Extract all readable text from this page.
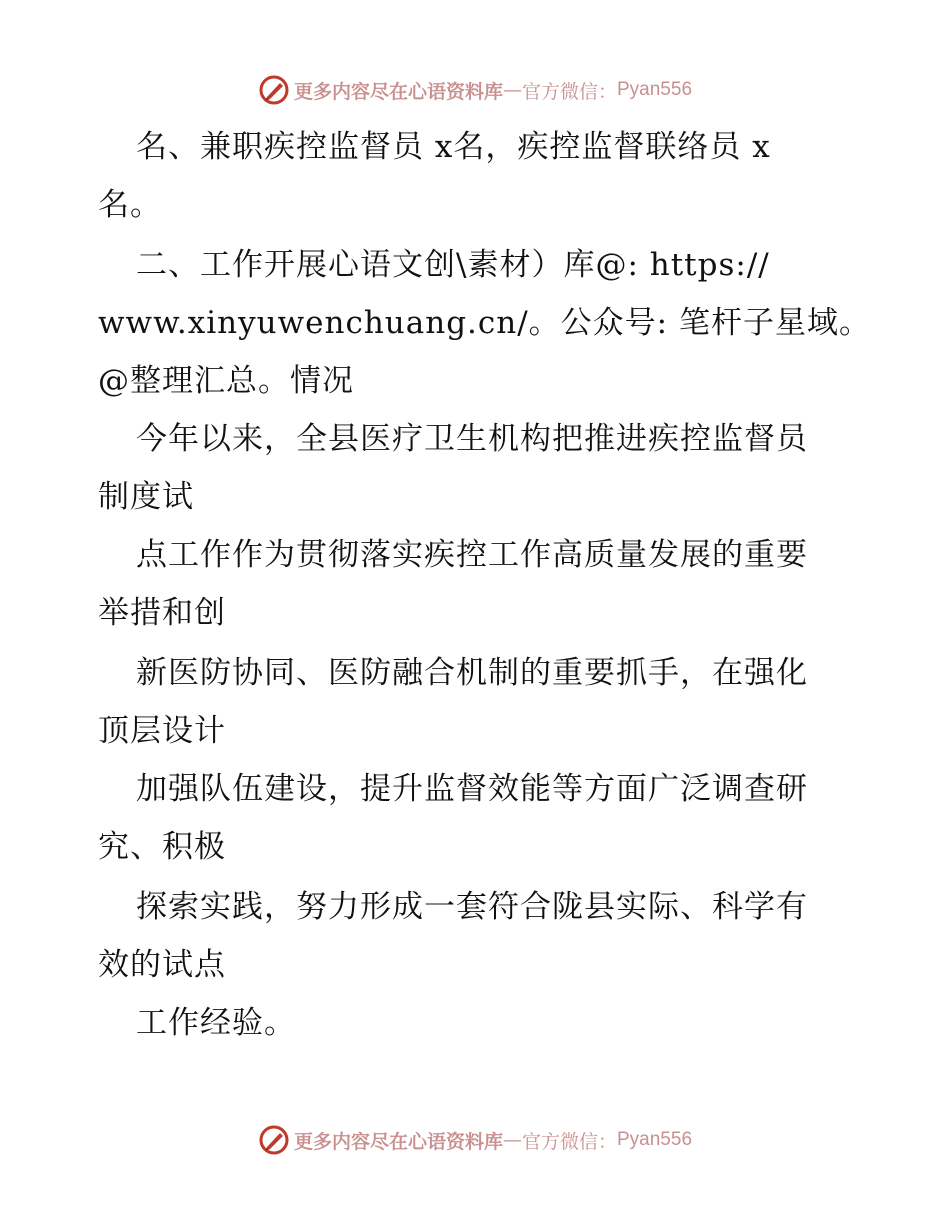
更多内容尽在心语资料库 — 官方微信： Pyan556
名、兼职疾控监督员 x名，疾控监督联络员 x
名。
二、工作开展心语文创\素材）库@: https://
www.xinyuwenchuang.cn/。公众号: 笔杆子星域。
@整理汇总。情况
今年以来，全县医疗卫生机构把推进疾控监督员
制度试
点工作作为贯彻落实疾控工作高质量发展的重要
举措和创
新医防协同、医防融合机制的重要抓手，在强化
顶层设计
加强队伍建设，提升监督效能等方面广泛调查研
究、积极
探索实践，努力形成一套符合陇县实际、科学有
效的试点
工作经验。
更多内容尽在心语资料库 — 官方微信： Pyan556
